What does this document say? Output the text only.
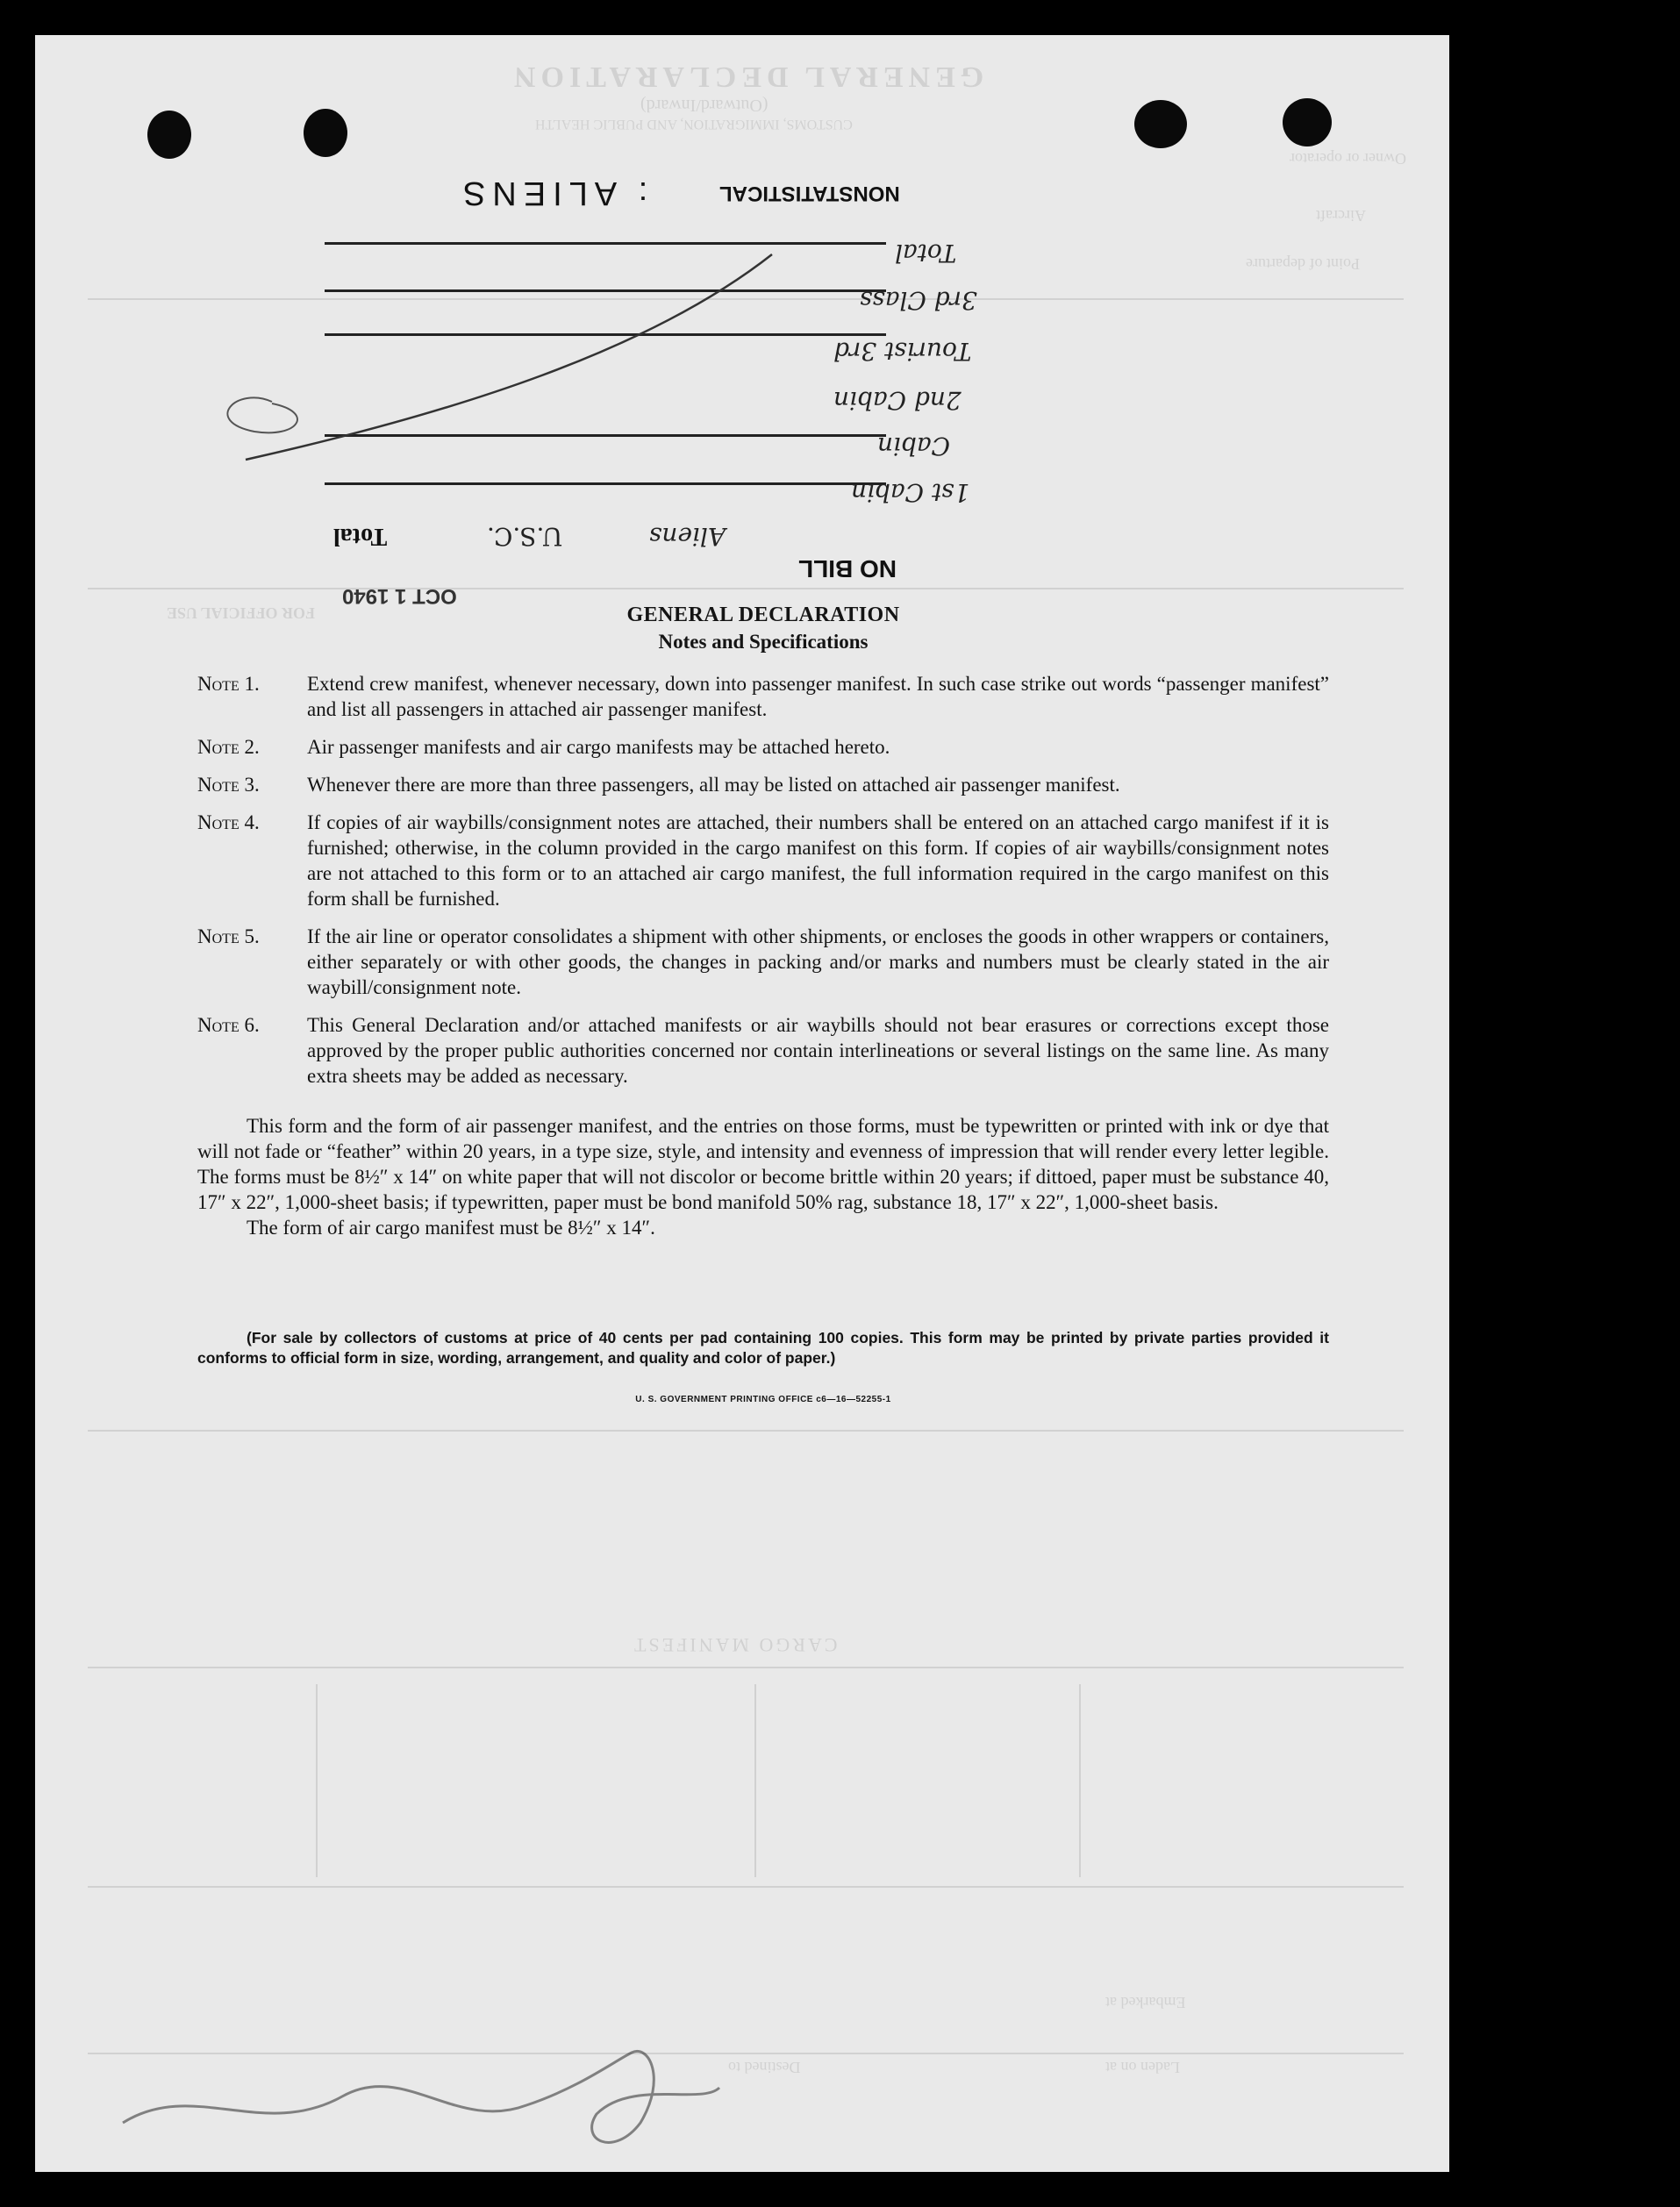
GENERAL DECLARATION
(Outward/Inward)
CUSTOMS, IMMIGRATION, AND PUBLIC HEALTH
Owner or operator
Aircraft
Point of departure
FOR OFFICIAL USE
CARGO MANIFEST
Embarked at
Laden on at
Destined to
NONSTATISTICAL
: ALIENS
Total
3rd Class
Tourist 3rd
2nd Cabin
Cabin
1st Cabin
Aliens
U.S.C.
Total
NO BILL
OCT 1 1940
GENERAL DECLARATION
Notes and Specifications
Note 1.	Extend crew manifest, whenever necessary, down into passenger manifest. In such case strike out words “passenger manifest” and list all passengers in attached air passenger manifest.
Note 2.	Air passenger manifests and air cargo manifests may be attached hereto.
Note 3.	Whenever there are more than three passengers, all may be listed on attached air passenger manifest.
Note 4.	If copies of air waybills/consignment notes are attached, their numbers shall be entered on an attached cargo manifest if it is furnished; otherwise, in the column provided in the cargo manifest on this form. If copies of air waybills/consignment notes are not attached to this form or to an attached air cargo manifest, the full information required in the cargo manifest on this form shall be furnished.
Note 5.	If the air line or operator consolidates a shipment with other shipments, or encloses the goods in other wrappers or containers, either separately or with other goods, the changes in packing and/or marks and numbers must be clearly stated in the air waybill/consignment note.
Note 6.	This General Declaration and/or attached manifests or air waybills should not bear erasures or corrections except those approved by the proper public authorities concerned nor contain interlineations or several listings on the same line. As many extra sheets may be added as necessary.

This form and the form of air passenger manifest, and the entries on those forms, must be typewritten or printed with ink or dye that will not fade or “feather” within 20 years, in a type size, style, and intensity and evenness of impression that will render every letter legible. The forms must be 8½″ x 14″ on white paper that will not discolor or become brittle within 20 years; if dittoed, paper must be substance 40, 17″ x 22″, 1,000-sheet basis; if typewritten, paper must be bond manifold 50% rag, substance 18, 17″ x 22″, 1,000-sheet basis.

The form of air cargo manifest must be 8½″ x 14″.

(For sale by collectors of customs at price of 40 cents per pad containing 100 copies. This form may be printed by private parties provided it conforms to official form in size, wording, arrangement, and quality and color of paper.)
U. S. GOVERNMENT PRINTING OFFICE c6—16—52255-1
